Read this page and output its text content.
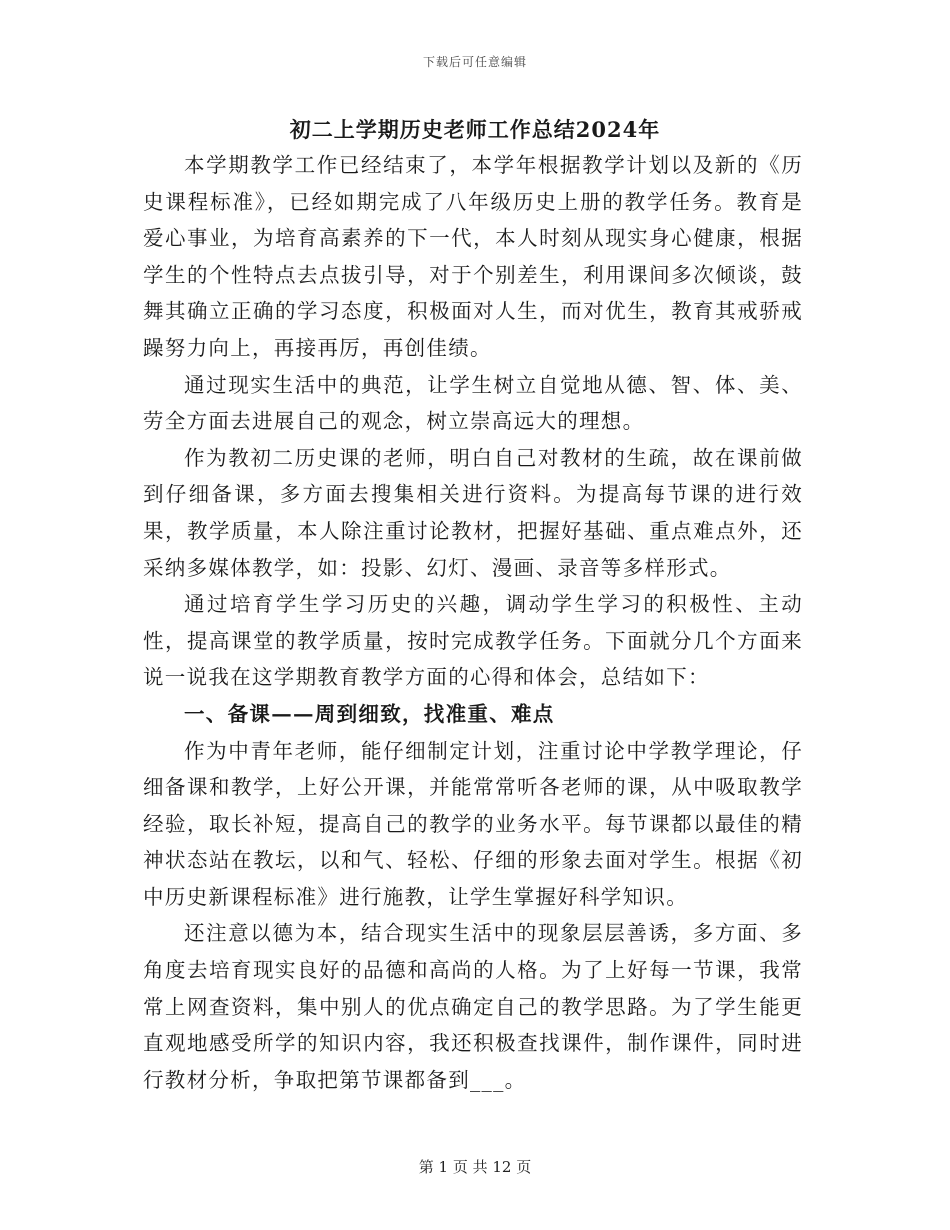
下载后可任意编辑
初二上学期历史老师工作总结2024年

本学期教学工作已经结束了，本学年根据教学计划以及新的《历史课程标准》，已经如期完成了八年级历史上册的教学任务。教育是爱心事业，为培育高素养的下一代，本人时刻从现实身心健康，根据学生的个性特点去点拔引导，对于个别差生，利用课间多次倾谈，鼓舞其确立正确的学习态度，积极面对人生，而对优生，教育其戒骄戒躁努力向上，再接再厉，再创佳绩。

通过现实生活中的典范，让学生树立自觉地从德、智、体、美、劳全方面去进展自己的观念，树立崇高远大的理想。

作为教初二历史课的老师，明白自己对教材的生疏，故在课前做到仔细备课，多方面去搜集相关进行资料。为提高每节课的进行效果，教学质量，本人除注重讨论教材，把握好基础、重点难点外，还采纳多媒体教学，如：投影、幻灯、漫画、录音等多样形式。

通过培育学生学习历史的兴趣，调动学生学习的积极性、主动性，提高课堂的教学质量，按时完成教学任务。下面就分几个方面来说一说我在这学期教育教学方面的心得和体会，总结如下：

一、备课——周到细致，找准重、难点

作为中青年老师，能仔细制定计划，注重讨论中学教学理论，仔细备课和教学，上好公开课，并能常常听各老师的课，从中吸取教学经验，取长补短，提高自己的教学的业务水平。每节课都以最佳的精神状态站在教坛，以和气、轻松、仔细的形象去面对学生。根据《初中历史新课程标准》进行施教，让学生掌握好科学知识。

还注意以德为本，结合现实生活中的现象层层善诱，多方面、多角度去培育现实良好的品德和高尚的人格。为了上好每一节课，我常常上网查资料，集中别人的优点确定自己的教学思路。为了学生能更直观地感受所学的知识内容，我还积极查找课件，制作课件，同时进行教材分析，争取把第节课都备到___。

第 1 页 共 12 页
